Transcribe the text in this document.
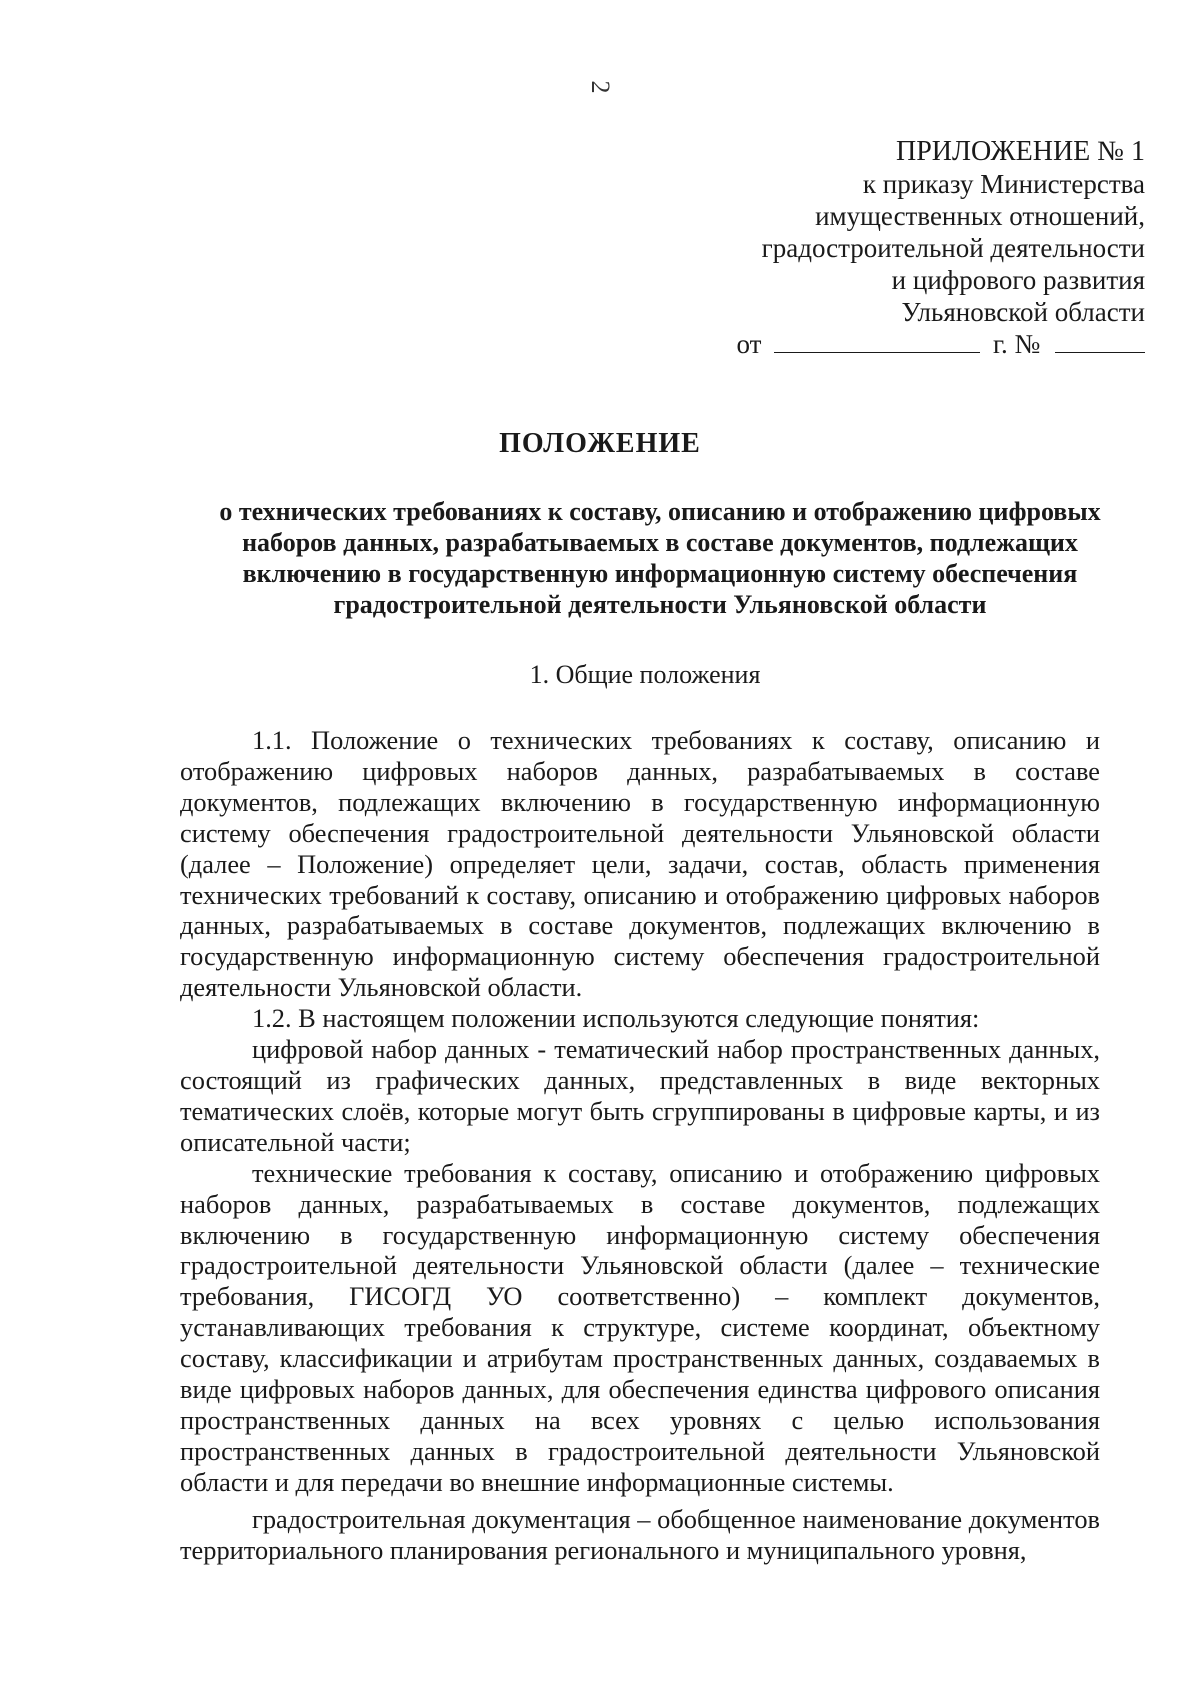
2
ПРИЛОЖЕНИЕ № 1
к приказу Министерства
имущественных отношений,
градостроительной деятельности
и цифрового развития
Ульяновской области
от	г. №
ПОЛОЖЕНИЕ
о технических требованиях к составу, описанию и отображению цифровых наборов данных, разрабатываемых в составе документов, подлежащих включению в государственную информационную систему обеспечения градостроительной деятельности Ульяновской области
1. Общие положения

1.1. Положение о технических требованиях к составу, описанию и отображению цифровых наборов данных, разрабатываемых в составе документов, подлежащих включению в государственную информационную систему обеспечения градостроительной деятельности Ульяновской области (далее – Положение) определяет цели, задачи, состав, область применения технических требований к составу, описанию и отображению цифровых наборов данных, разрабатываемых в составе документов, подлежащих включению в государственную информационную систему обеспечения градостроительной деятельности Ульяновской области.

1.2. В настоящем положении используются следующие понятия:

цифровой набор данных - тематический набор пространственных данных, состоящий из графических данных, представленных в виде векторных тематических слоёв, которые могут быть сгруппированы в цифровые карты, и из описательной части;

технические требования к составу, описанию и отображению цифровых наборов данных, разрабатываемых в составе документов, подлежащих включению в государственную информационную систему обеспечения градостроительной деятельности Ульяновской области (далее – технические требования, ГИСОГД УО соответственно) – комплект документов, устанавливающих требования к структуре, системе координат, объектному составу, классификации и атрибутам пространственных данных, создаваемых в виде цифровых наборов данных, для обеспечения единства цифрового описания пространственных данных на всех уровнях с целью использования пространственных данных в градостроительной деятельности Ульяновской области и для передачи во внешние информационные системы.

градостроительная документация – обобщенное наименование документов территориального планирования регионального и муниципального уровня,
